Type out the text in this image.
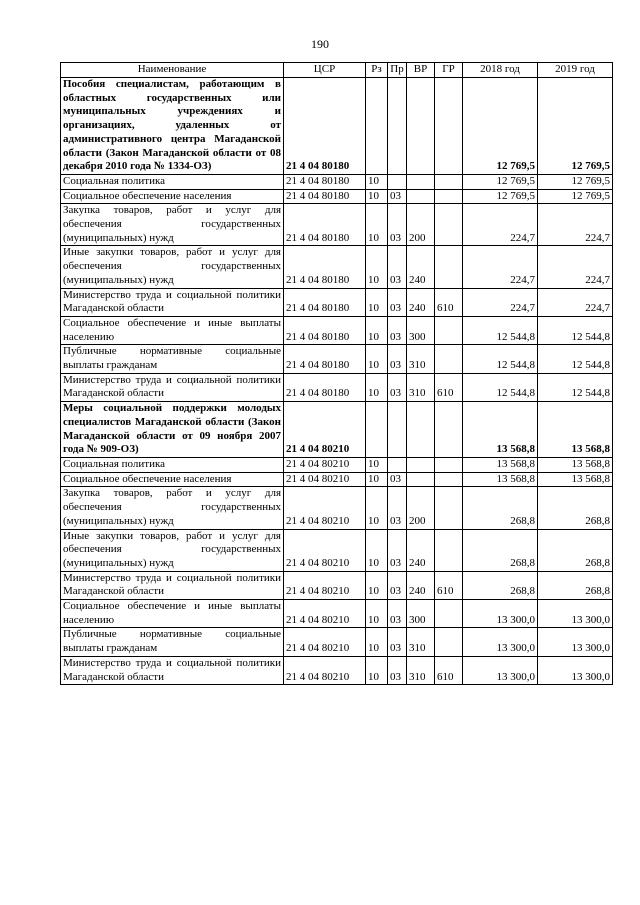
190
Наименование	ЦСР	Рз	Пр	ВР	ГР	2018 год	2019 год
Пособия специалистам, работающим в областных государственных или муниципальных учреждениях и организациях, удаленных от административного центра Магаданской области (Закон Магаданской области от 08 декабря 2010 года № 1334-ОЗ)	21 4 04 80180					12 769,5	12 769,5
Социальная политика	21 4 04 80180	10				12 769,5	12 769,5
Социальное обеспечение населения	21 4 04 80180	10	03			12 769,5	12 769,5
Закупка товаров, работ и услуг для обеспечения государственных (муниципальных) нужд	21 4 04 80180	10	03	200		224,7	224,7
Иные закупки товаров, работ и услуг для обеспечения государственных (муниципальных) нужд	21 4 04 80180	10	03	240		224,7	224,7
Министерство труда и социальной политики Магаданской области	21 4 04 80180	10	03	240	610	224,7	224,7
Социальное обеспечение и иные выплаты населению	21 4 04 80180	10	03	300		12 544,8	12 544,8
Публичные нормативные социальные выплаты гражданам	21 4 04 80180	10	03	310		12 544,8	12 544,8
Министерство труда и социальной политики Магаданской области	21 4 04 80180	10	03	310	610	12 544,8	12 544,8
Меры социальной поддержки молодых специалистов Магаданской области (Закон Магаданской области от 09 ноября 2007 года № 909-ОЗ)	21 4 04 80210					13 568,8	13 568,8
Социальная политика	21 4 04 80210	10				13 568,8	13 568,8
Социальное обеспечение населения	21 4 04 80210	10	03			13 568,8	13 568,8
Закупка товаров, работ и услуг для обеспечения государственных (муниципальных) нужд	21 4 04 80210	10	03	200		268,8	268,8
Иные закупки товаров, работ и услуг для обеспечения государственных (муниципальных) нужд	21 4 04 80210	10	03	240		268,8	268,8
Министерство труда и социальной политики Магаданской области	21 4 04 80210	10	03	240	610	268,8	268,8
Социальное обеспечение и иные выплаты населению	21 4 04 80210	10	03	300		13 300,0	13 300,0
Публичные нормативные социальные выплаты гражданам	21 4 04 80210	10	03	310		13 300,0	13 300,0
Министерство труда и социальной политики Магаданской области	21 4 04 80210	10	03	310	610	13 300,0	13 300,0
